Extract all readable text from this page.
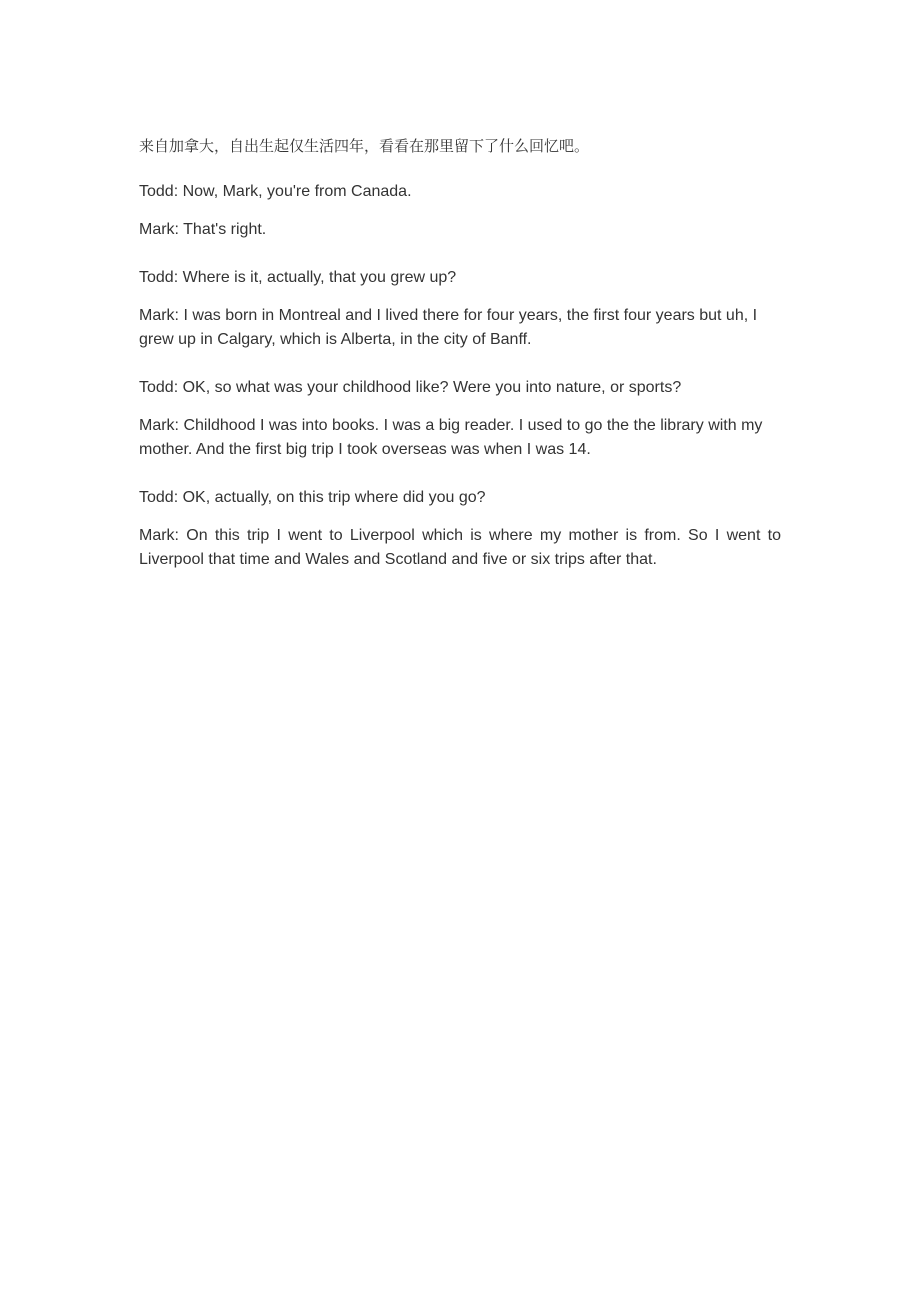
来自加拿大，自出生起仅生活四年，看看在那里留下了什么回忆吧。

Todd: Now, Mark, you're from Canada.

Mark: That's right.

Todd: Where is it, actually, that you grew up?

Mark: I was born in Montreal and I lived there for four years, the first four years but uh, I grew up in Calgary, which is Alberta, in the city of Banff.

Todd: OK, so what was your childhood like? Were you into nature, or sports?

Mark: Childhood I was into books. I was a big reader. I used to go the the library with my mother. And the first big trip I took overseas was when I was 14.

Todd: OK, actually, on this trip where did you go?

Mark: On this trip I went to Liverpool which is where my mother is from. So I went to Liverpool that time and Wales and Scotland and five or six trips after that.
